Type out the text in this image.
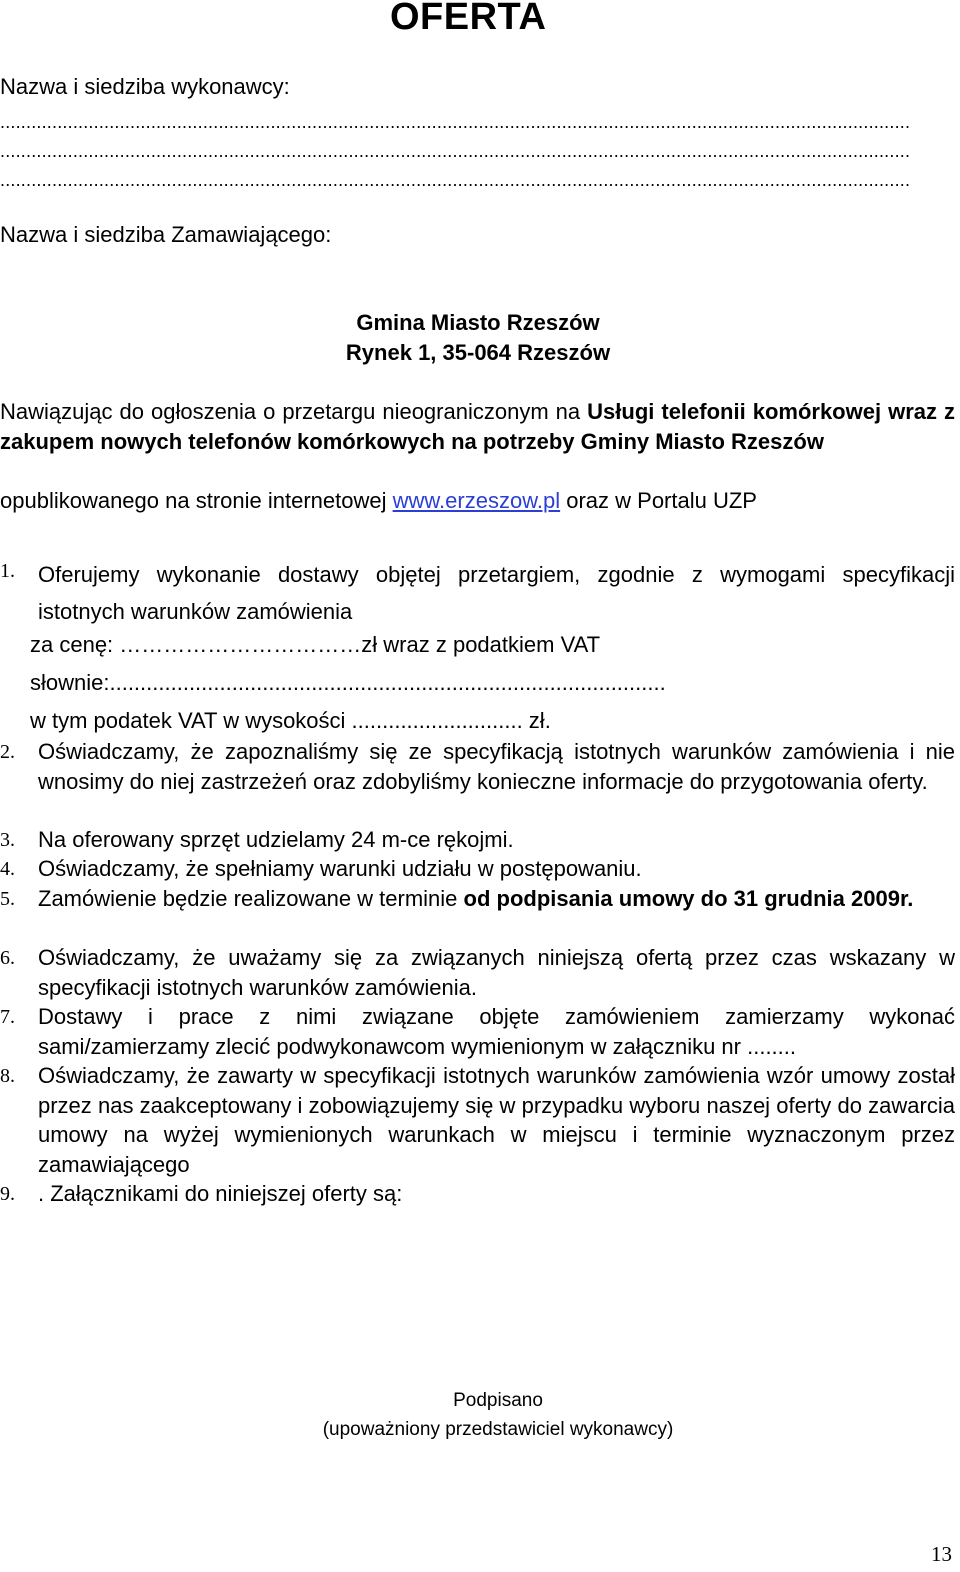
OFERTA
Nazwa i siedziba wykonawcy:
...............................................................................................................................................................................
...............................................................................................................................................................................
...............................................................................................................................................................................
Nazwa i siedziba Zamawiającego:
Gmina Miasto Rzeszów
Rynek 1, 35-064 Rzeszów
Nawiązując do ogłoszenia o przetargu nieograniczonym na Usługi telefonii komórkowej wraz z zakupem nowych telefonów komórkowych na potrzeby Gminy Miasto Rzeszów
opublikowanego na stronie internetowej www.erzeszow.pl oraz w Portalu UZP
1.	Oferujemy wykonanie dostawy objętej przetargiem, zgodnie z wymogami specyfikacji istotnych warunków zamówienia
za cenę: ……………………………zł wraz z podatkiem VAT
słownie:...........................................................................................
w tym podatek VAT w wysokości ............................ zł.
2.	Oświadczamy, że zapoznaliśmy się ze specyfikacją istotnych warunków zamówienia i nie wnosimy do niej zastrzeżeń oraz zdobyliśmy konieczne informacje do przygotowania oferty.
3.	Na oferowany sprzęt udzielamy 24 m-ce rękojmi.
4.	Oświadczamy, że spełniamy warunki udziału w postępowaniu.
5.	Zamówienie będzie realizowane w terminie od podpisania umowy do 31 grudnia 2009r.
6.	Oświadczamy, że uważamy się za związanych niniejszą ofertą przez czas wskazany w specyfikacji istotnych warunków zamówienia.
7.	Dostawy i prace z nimi związane objęte zamówieniem zamierzamy wykonać sami/zamierzamy zlecić podwykonawcom wymienionym w załączniku nr ........
8.	Oświadczamy, że zawarty w specyfikacji istotnych warunków zamówienia wzór umowy został przez nas zaakceptowany i zobowiązujemy się w przypadku wyboru naszej oferty do zawarcia umowy na wyżej wymienionych warunkach w miejscu i terminie wyznaczonym przez zamawiającego
9.	. Załącznikami do niniejszej oferty są:
Podpisano
(upoważniony przedstawiciel wykonawcy)
13
